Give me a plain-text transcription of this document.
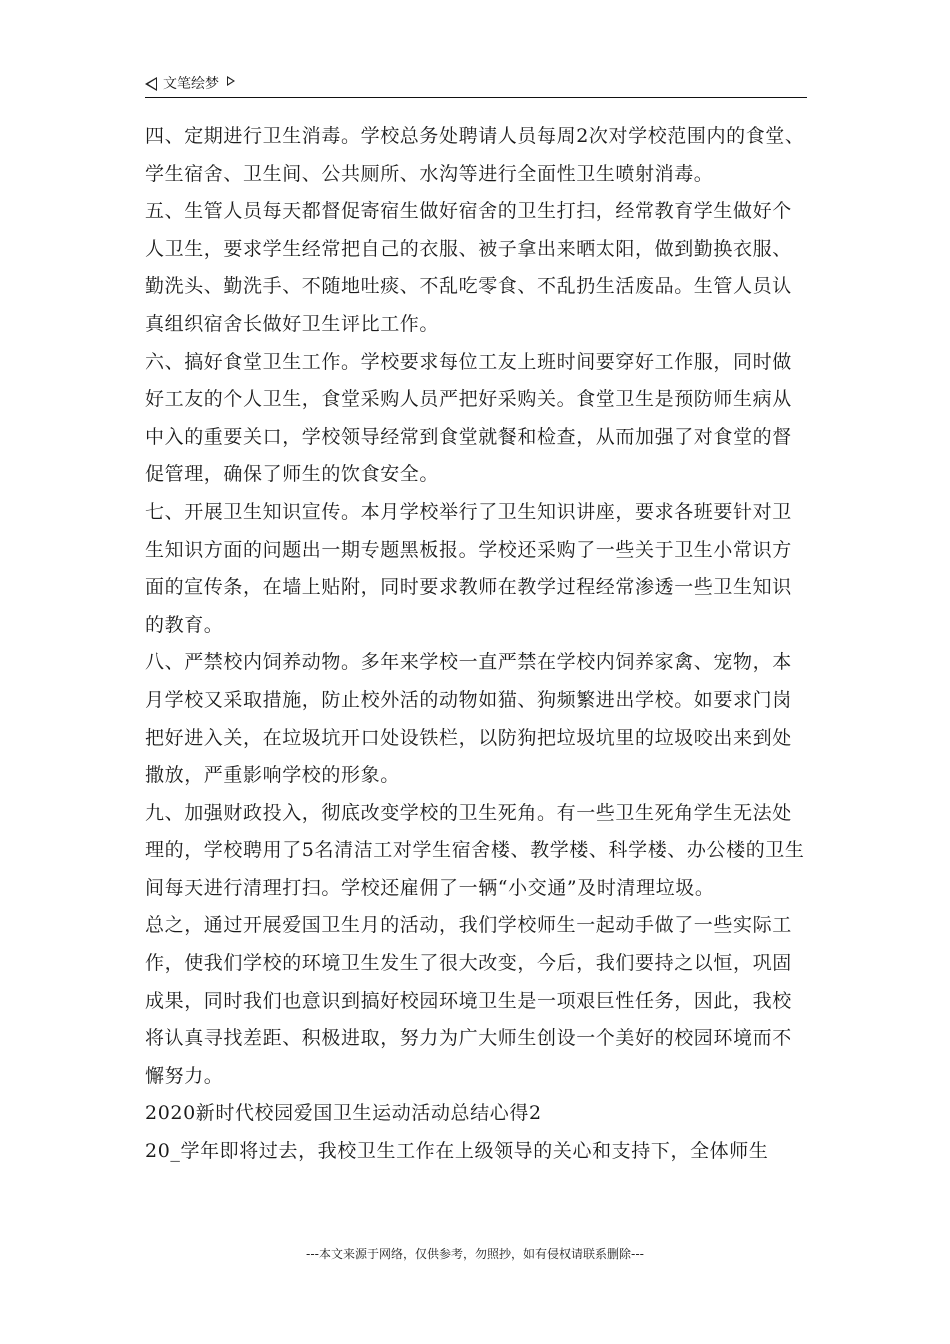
文笔绘梦

四、定期进行卫生消毒。学校总务处聘请人员每周2次对学校范围内的食堂、学生宿舍、卫生间、公共厕所、水沟等进行全面性卫生喷射消毒。

五、生管人员每天都督促寄宿生做好宿舍的卫生打扫，经常教育学生做好个人卫生，要求学生经常把自己的衣服、被子拿出来晒太阳，做到勤换衣服、勤洗头、勤洗手、不随地吐痰、不乱吃零食、不乱扔生活废品。生管人员认真组织宿舍长做好卫生评比工作。

六、搞好食堂卫生工作。学校要求每位工友上班时间要穿好工作服，同时做好工友的个人卫生，食堂采购人员严把好采购关。食堂卫生是预防师生病从中入的重要关口，学校领导经常到食堂就餐和检查，从而加强了对食堂的督促管理，确保了师生的饮食安全。

七、开展卫生知识宣传。本月学校举行了卫生知识讲座，要求各班要针对卫生知识方面的问题出一期专题黑板报。学校还采购了一些关于卫生小常识方面的宣传条，在墙上贴附，同时要求教师在教学过程经常渗透一些卫生知识的教育。

八、严禁校内饲养动物。多年来学校一直严禁在学校内饲养家禽、宠物，本月学校又采取措施，防止校外活的动物如猫、狗频繁进出学校。如要求门岗把好进入关，在垃圾坑开口处设铁栏，以防狗把垃圾坑里的垃圾咬出来到处撒放，严重影响学校的形象。

九、加强财政投入，彻底改变学校的卫生死角。有一些卫生死角学生无法处理的，学校聘用了5名清洁工对学生宿舍楼、教学楼、科学楼、办公楼的卫生间每天进行清理打扫。学校还雇佣了一辆“小交通”及时清理垃圾。

总之，通过开展爱国卫生月的活动，我们学校师生一起动手做了一些实际工作，使我们学校的环境卫生发生了很大改变，今后，我们要持之以恒，巩固成果，同时我们也意识到搞好校园环境卫生是一项艰巨性任务，因此，我校将认真寻找差距、积极进取，努力为广大师生创设一个美好的校园环境而不懈努力。

2020新时代校园爱国卫生运动活动总结心得2

20_学年即将过去，我校卫生工作在上级领导的关心和支持下，全体师生

---本文来源于网络，仅供参考，勿照抄，如有侵权请联系删除---
